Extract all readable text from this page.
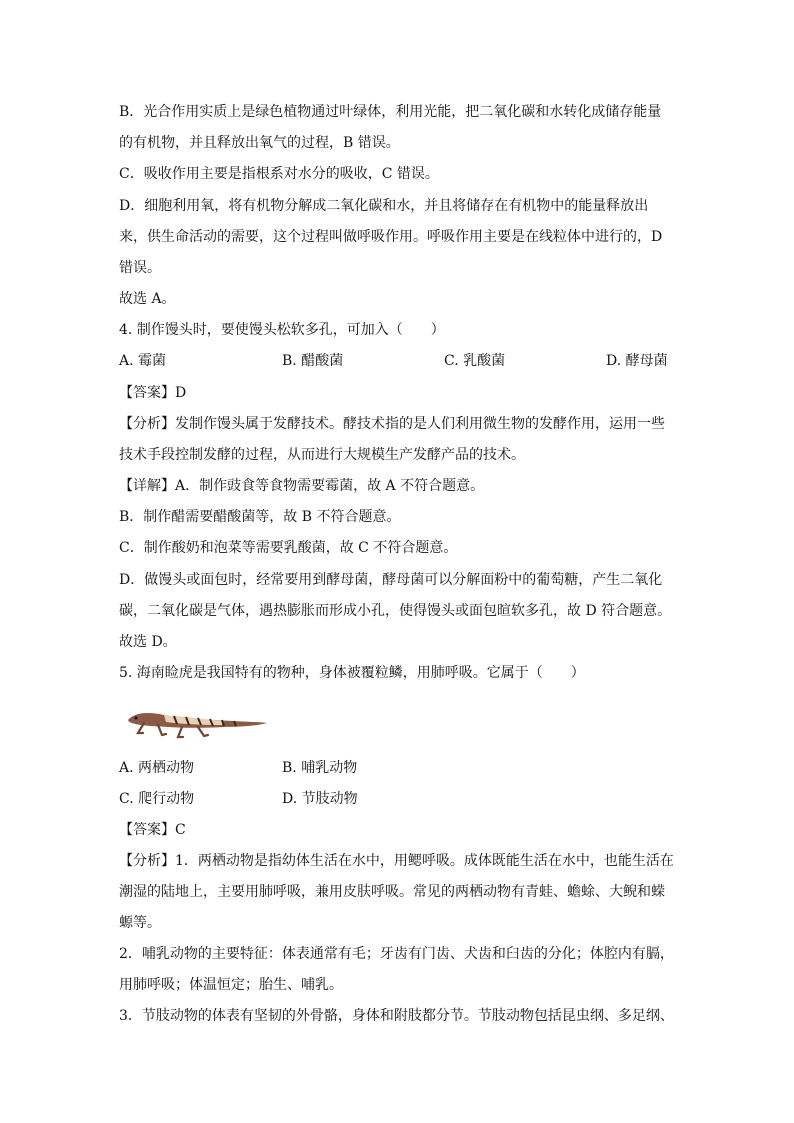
B．光合作用实质上是绿色植物通过叶绿体，利用光能，把二氧化碳和水转化成储存能量
的有机物，并且释放出氧气的过程，B 错误。
C．吸收作用主要是指根系对水分的吸收，C 错误。
D．细胞利用氧，将有机物分解成二氧化碳和水，并且将储存在有机物中的能量释放出
来，供生命活动的需要，这个过程叫做呼吸作用。呼吸作用主要是在线粒体中进行的，D
错误。
故选 A。
4. 制作馒头时，要使馒头松软多孔，可加入（　　）
A. 霉菌	B. 醋酸菌	C. 乳酸菌	D. 酵母菌
【答案】D
【分析】发制作馒头属于发酵技术。酵技术指的是人们利用微生物的发酵作用，运用一些
技术手段控制发酵的过程，从而进行大规模生产发酵产品的技术。
【详解】A．制作豉食等食物需要霉菌，故 A 不符合题意。
B．制作醋需要醋酸菌等，故 B 不符合题意。
C．制作酸奶和泡菜等需要乳酸菌，故 C 不符合题意。
D．做馒头或面包时，经常要用到酵母菌，酵母菌可以分解面粉中的葡萄糖，产生二氧化
碳，二氧化碳是气体，遇热膨胀而形成小孔，使得馒头或面包暄软多孔，故 D 符合题意。
故选 D。
5. 海南睑虎是我国特有的物种，身体被覆粒鳞，用肺呼吸。它属于（　　）
A. 两栖动物	B. 哺乳动物
C. 爬行动物	D. 节肢动物
【答案】C
【分析】1．两栖动物是指幼体生活在水中，用鳃呼吸。成体既能生活在水中，也能生活在
潮湿的陆地上，主要用肺呼吸，兼用皮肤呼吸。常见的两栖动物有青蛙、蟾蜍、大鲵和蝾
螈等。
2．哺乳动物的主要特征：体表通常有毛；牙齿有门齿、犬齿和臼齿的分化；体腔内有膈，
用肺呼吸；体温恒定；胎生、哺乳。
3．节肢动物的体表有坚韧的外骨骼，身体和附肢都分节。节肢动物包括昆虫纲、多足纲、
